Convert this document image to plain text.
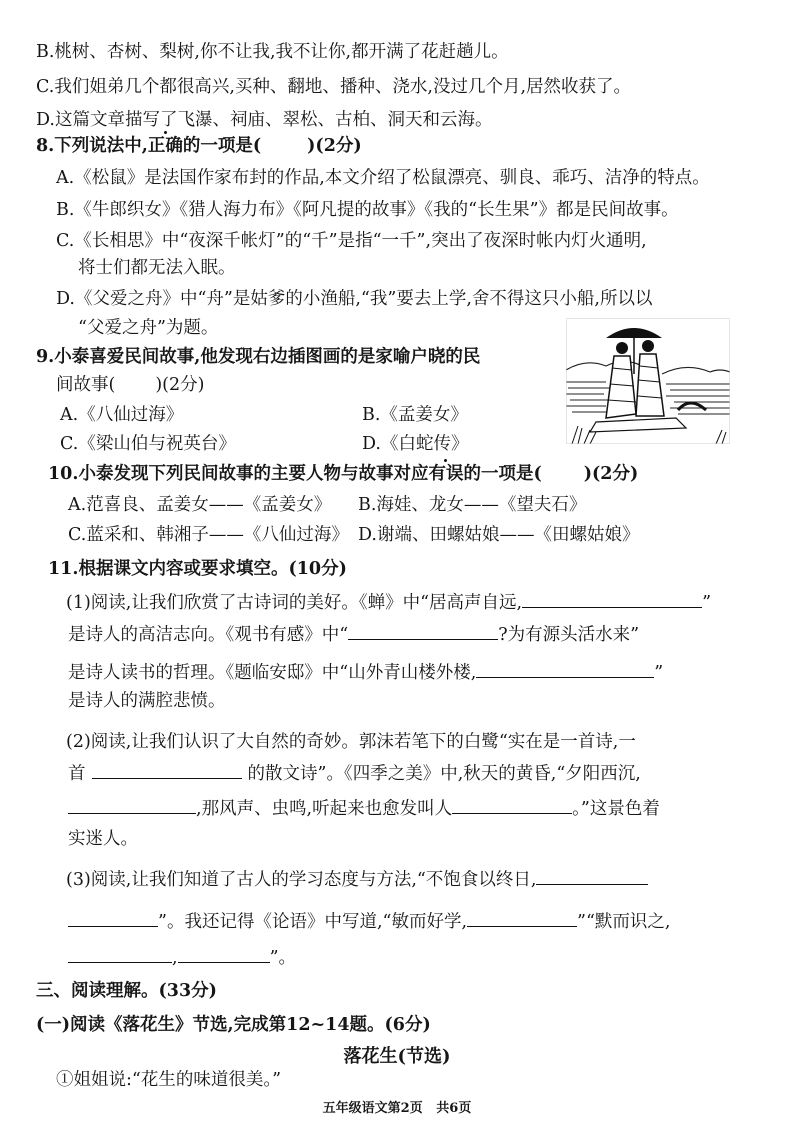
B.桃树、杏树、梨树,你不让我,我不让你,都开满了花赶趟儿。
C.我们姐弟几个都很高兴,买种、翻地、播种、浇水,没过几个月,居然收获了。
D.这篇文章描写了飞瀑、祠庙、翠松、古柏、洞天和云海。
8.下列说法中,正确的一项是(	)(2分)
A.《松鼠》是法国作家布封的作品,本文介绍了松鼠漂亮、驯良、乖巧、洁净的特点。
B.《牛郎织女》《猎人海力布》《阿凡提的故事》《我的“长生果”》都是民间故事。
C.《长相思》中“夜深千帐灯”的“千”是指“一千”,突出了夜深时帐内灯火通明,
将士们都无法入眠。
D.《父爱之舟》中“舟”是姑爹的小渔船,“我”要去上学,舍不得这只小船,所以以
“父爱之舟”为题。
9.小泰喜爱民间故事,他发现右边插图画的是家喻户晓的民
间故事( )(2分)
A.《八仙过海》	B.《孟姜女》
C.《梁山伯与祝英台》	D.《白蛇传》
10.小泰发现下列民间故事的主要人物与故事对应有误的一项是( )(2分)
A.范喜良、孟姜女——《孟姜女》 B.海娃、龙女——《望夫石》
C.蓝采和、韩湘子——《八仙过海》 D.谢端、田螺姑娘——《田螺姑娘》
11.根据课文内容或要求填空。(10分)
(1)阅读,让我们欣赏了古诗词的美好。《蝉》中“居高声自远,	”
是诗人的高洁志向。《观书有感》中“	?为有源头活水来”
是诗人读书的哲理。《题临安邸》中“山外青山楼外楼,	”
是诗人的满腔悲愤。
(2)阅读,让我们认识了大自然的奇妙。郭沫若笔下的白鹭“实在是一首诗,一
首	的散文诗”。《四季之美》中,秋天的黄昏,“夕阳西沉,
,那风声、虫鸣,听起来也愈发叫人	。”这景色着
实迷人。
(3)阅读,让我们知道了古人的学习态度与方法,“不饱食以终日,
”。我还记得《论语》中写道,“敏而好学,	”“默而识之,
,	”。
三、阅读理解。(33分)
(一)阅读《落花生》节选,完成第12~14题。(6分)
落花生(节选)
①姐姐说:“花生的味道很美。”
五年级语文第2页 共6页
